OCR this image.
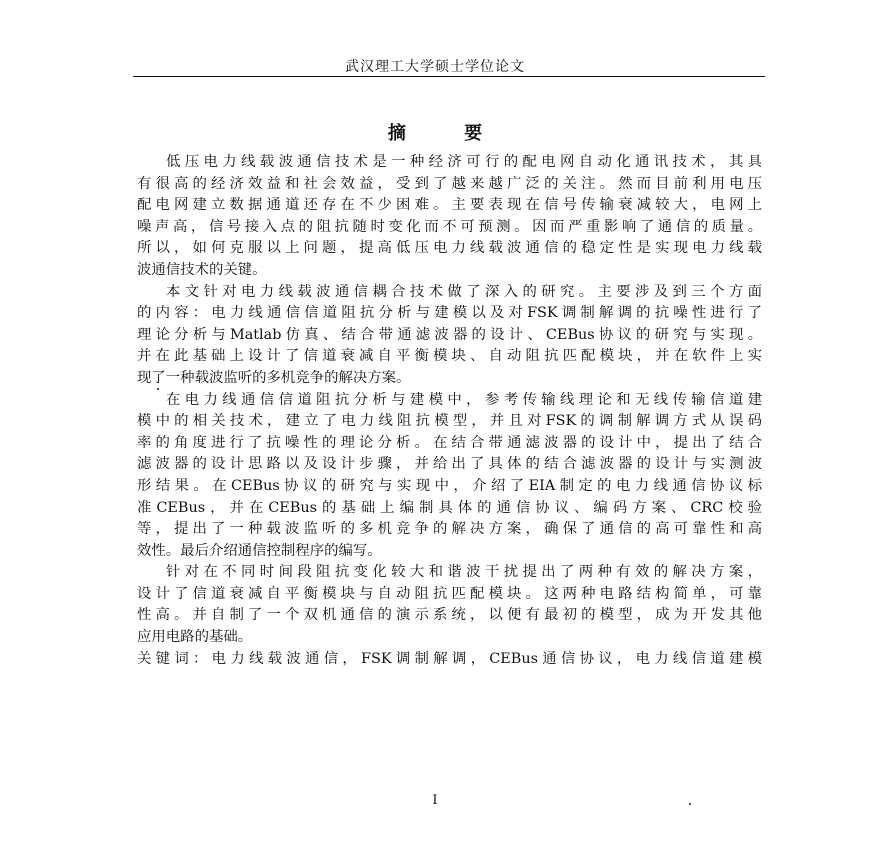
武汉理工大学硕士学位论文
摘 要
低压电力线载波通信技术是一种经济可行的配电网自动化通讯技术，其具
有很高的经济效益和社会效益，受到了越来越广泛的关注。然而目前利用电压
配电网建立数据通道还存在不少困难。主要表现在信号传输衰减较大，电网上
噪声高，信号接入点的阻抗随时变化而不可预测。因而严重影响了通信的质量。
所以，如何克服以上问题，提高低压电力线载波通信的稳定性是实现电力线载
波通信技术的关键。
本文针对电力线载波通信耦合技术做了深入的研究。主要涉及到三个方面
的内容：电力线通信信道阻抗分析与建模以及对FSK调制解调的抗噪性进行了
理论分析与Matlab仿真、结合带通滤波器的设计、CEBus协议的研究与实现。
并在此基础上设计了信道衰减自平衡模块、自动阻抗匹配模块，并在软件上实
现了一种载波监听的多机竞争的解决方案。
在电力线通信信道阻抗分析与建模中，参考传输线理论和无线传输信道建
模中的相关技术，建立了电力线阻抗模型，并且对FSK的调制解调方式从误码
率的角度进行了抗噪性的理论分析。在结合带通滤波器的设计中，提出了结合
滤波器的设计思路以及设计步骤，并给出了具体的结合滤波器的设计与实测波
形结果。在CEBus协议的研究与实现中，介绍了EIA制定的电力线通信协议标
准CEBus，并在CEBus的基础上编制具体的通信协议、编码方案、CRC校验
等，提出了一种载波监听的多机竞争的解决方案，确保了通信的高可靠性和高
效性。最后介绍通信控制程序的编写。
针对在不同时间段阻抗变化较大和谐波干扰提出了两种有效的解决方案，
设计了信道衰减自平衡模块与自动阻抗匹配模块。这两种电路结构简单，可靠
性高。并自制了一个双机通信的演示系统，以便有最初的模型，成为开发其他
应用电路的基础。
关键词：电力线载波通信，FSK调制解调，CEBus通信协议，电力线信道建模
I
